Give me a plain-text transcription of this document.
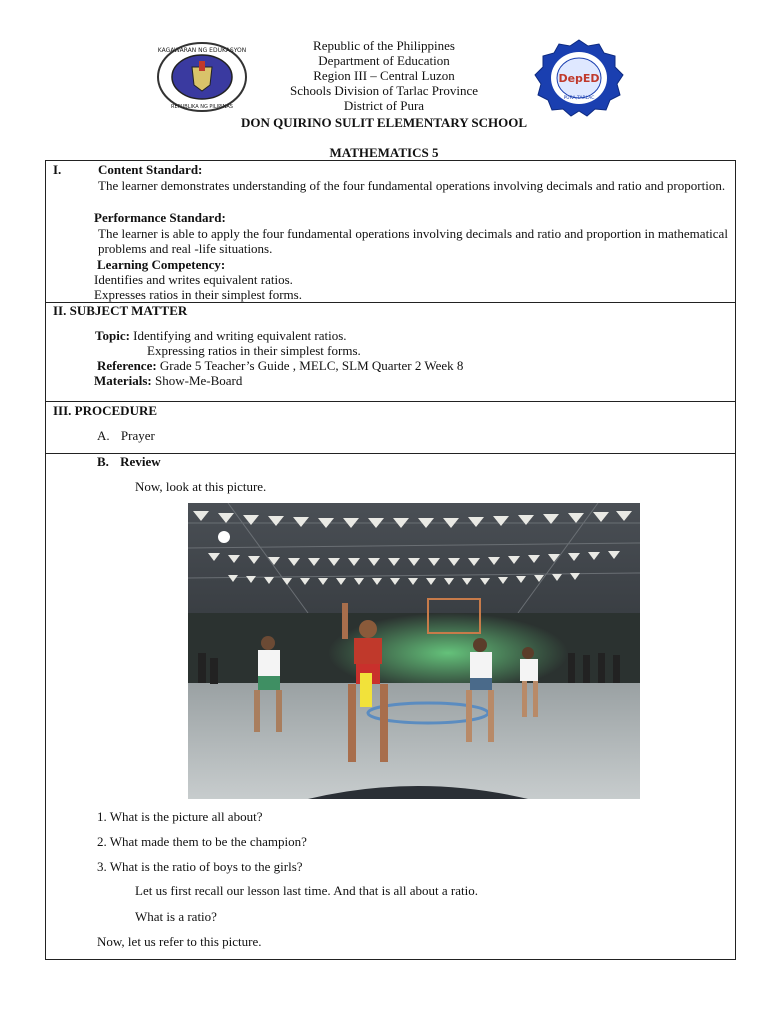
KAGAWARAN NG EDUKASYON
REPUBLIKA NG PILIPINAS
DepED
PURA,TARLAC
Republic of the Philippines
Department of Education
Region III – Central Luzon
Schools Division of Tarlac Province
District of Pura
DON QUIRINO SULIT ELEMENTARY SCHOOL
MATHEMATICS 5
I.	Content Standard:
The learner demonstrates understanding of the four fundamental operations involving decimals and ratio and proportion.
Performance Standard:
The learner is able to apply the four fundamental operations involving decimals and ratio and proportion in mathematical problems and real -life situations.
Learning Competency:
Identifies and writes equivalent ratios.
Expresses ratios in their simplest forms.
II. SUBJECT MATTER
Topic: Identifying and writing equivalent ratios.
Expressing ratios in their simplest forms.
Reference: Grade 5 Teacher’s Guide , MELC, SLM Quarter 2 Week 8
Materials: Show-Me-Board
III. PROCEDURE
A. Prayer
B. Review
Now, look at this picture.
1. What is the picture all about?
2. What made them to be the champion?
3. What is the ratio of boys to the girls?
Let us first recall our lesson last time. And that is all about a ratio.
What is a ratio?
Now, let us refer to this picture.
